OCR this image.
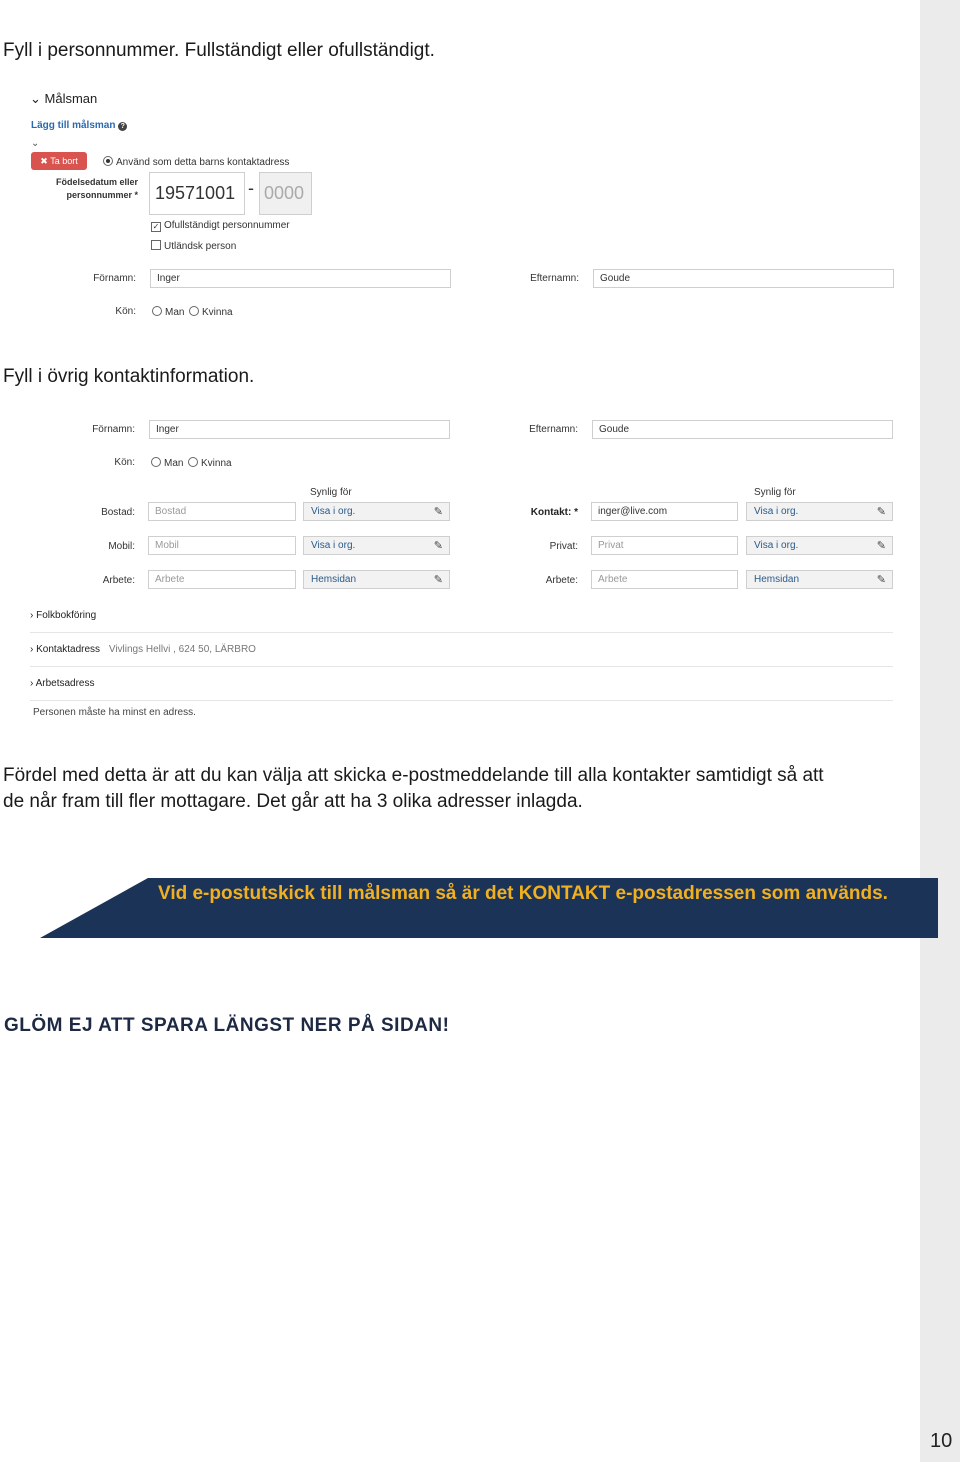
Fyll i personnummer. Fullständigt eller ofullständigt.
⌄ Målsman
Lägg till målsman ?
⌄
✖ Ta bort	Använd som detta barns kontaktadress
Födelsedatum eller
personnummer * 19571001 - 0000
✓ Ofullständigt personnummer
Utländsk person
Förnamn:	Inger	Efternamn:	Goude
Kön:	Man	Kvinna
Fyll i övrig kontaktinformation.
Förnamn:	Inger	Efternamn:	Goude
Kön:	Man	Kvinna
Synlig för	Synlig för
Bostad:	Bostad	Visa i org.	✎
Mobil:	Mobil	Visa i org.	✎
Arbete:	Arbete	Hemsidan	✎
Kontakt: *	inger@live.com	Visa i org.	✎
Privat:	Privat	Visa i org.	✎
Arbete:	Arbete	Hemsidan	✎
› Folkbokföring
› Kontaktadress Vivlings Hellvi , 624 50, LÄRBRO
› Arbetsadress
Personen måste ha minst en adress.
Fördel med detta är att du kan välja att skicka e-postmeddelande till alla kontakter samtidigt så att
de når fram till fler mottagare. Det går att ha 3 olika adresser inlagda.
Vid e-postutskick till målsman så är det KONTAKT e-postadressen som används.
GLÖM EJ ATT SPARA LÄNGST NER PÅ SIDAN!
10
